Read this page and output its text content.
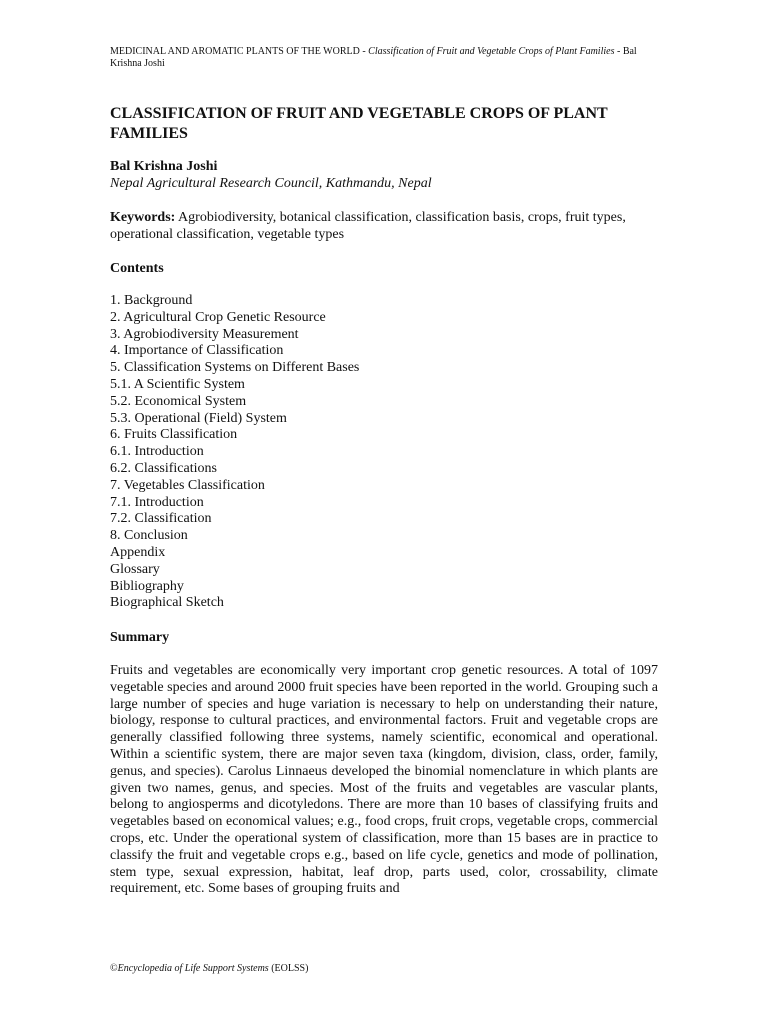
MEDICINAL AND AROMATIC PLANTS OF THE WORLD - Classification of Fruit and Vegetable Crops of Plant Families - Bal Krishna Joshi
CLASSIFICATION OF FRUIT AND VEGETABLE CROPS OF PLANT FAMILIES
Bal Krishna Joshi
Nepal Agricultural Research Council, Kathmandu, Nepal
Keywords: Agrobiodiversity, botanical classification, classification basis, crops, fruit types, operational classification, vegetable types
Contents
1. Background
2. Agricultural Crop Genetic Resource
3. Agrobiodiversity Measurement
4. Importance of Classification
5. Classification Systems on Different Bases
5.1. A Scientific System
5.2. Economical System
5.3. Operational (Field) System
6. Fruits Classification
6.1. Introduction
6.2. Classifications
7. Vegetables Classification
7.1. Introduction
7.2. Classification
8. Conclusion
Appendix
Glossary
Bibliography
Biographical Sketch
Summary

Fruits and vegetables are economically very important crop genetic resources. A total of 1097 vegetable species and around 2000 fruit species have been reported in the world. Grouping such a large number of species and huge variation is necessary to help on understanding their nature, biology, response to cultural practices, and environmental factors. Fruit and vegetable crops are generally classified following three systems, namely scientific, economical and operational. Within a scientific system, there are major seven taxa (kingdom, division, class, order, family, genus, and species). Carolus Linnaeus developed the binomial nomenclature in which plants are given two names, genus, and species. Most of the fruits and vegetables are vascular plants, belong to angiosperms and dicotyledons. There are more than 10 bases of classifying fruits and vegetables based on economical values; e.g., food crops, fruit crops, vegetable crops, commercial crops, etc. Under the operational system of classification, more than 15 bases are in practice to classify the fruit and vegetable crops e.g., based on life cycle, genetics and mode of pollination, stem type, sexual expression, habitat, leaf drop, parts used, color, crossability, climate requirement, etc. Some bases of grouping fruits and

©Encyclopedia of Life Support Systems (EOLSS)
